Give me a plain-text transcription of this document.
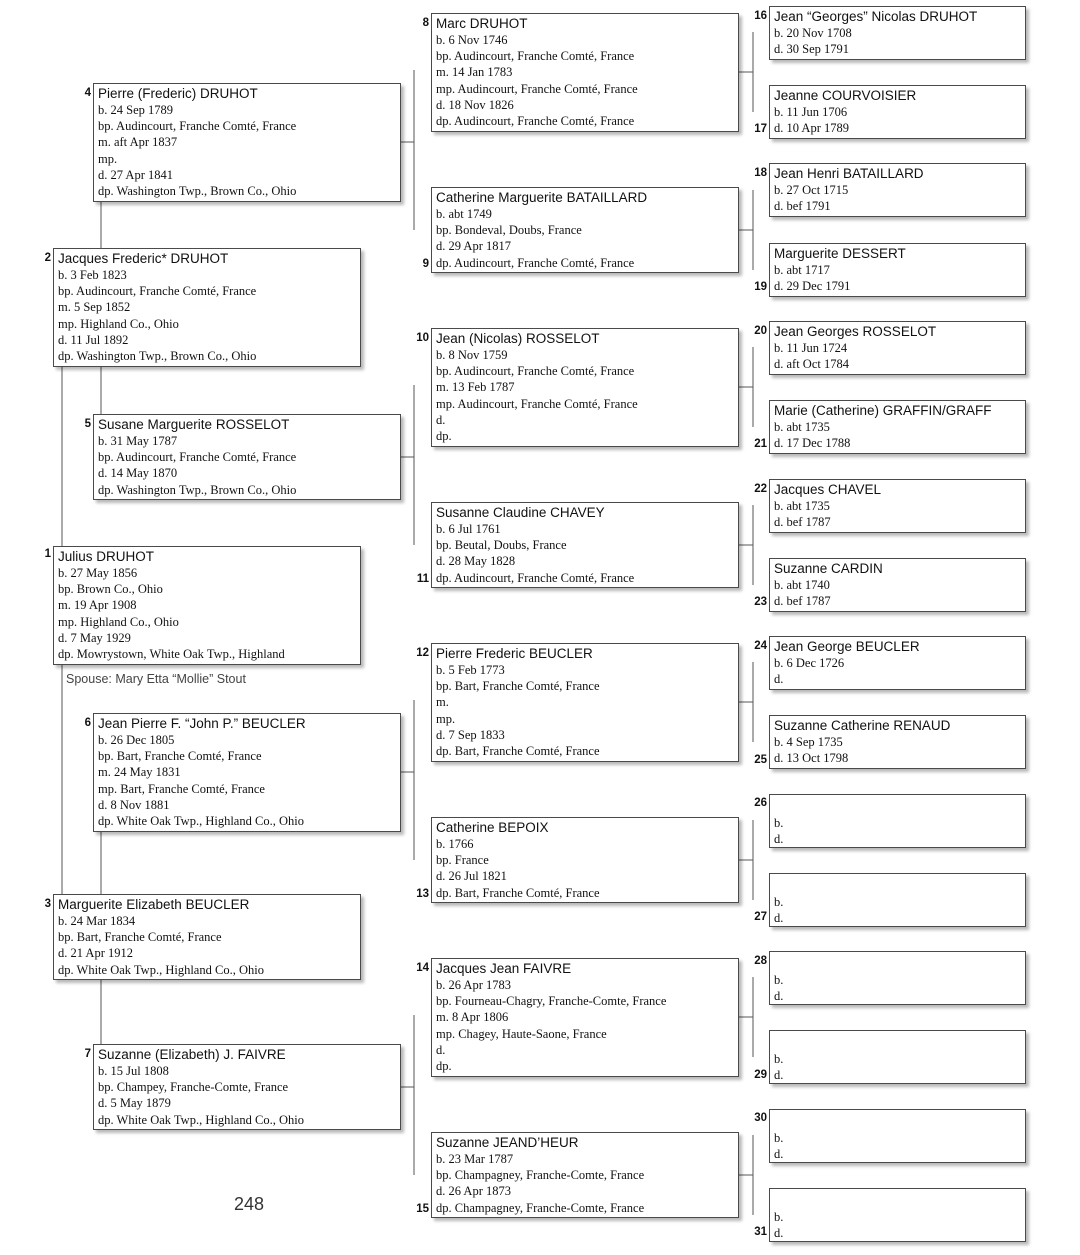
1 Julius DRUHOT
b. 27 May 1856
bp. Brown Co., Ohio
m. 19 Apr 1908
mp. Highland Co., Ohio
d. 7 May 1929
dp. Mowrystown, White Oak Twp., Highland
Spouse: Mary Etta “Mollie” Stout
2 Jacques Frederic* DRUHOT
b. 3 Feb 1823
bp. Audincourt, Franche Comté, France
m. 5 Sep 1852
mp. Highland Co., Ohio
d. 11 Jul 1892
dp. Washington Twp., Brown Co., Ohio
3 Marguerite Elizabeth BEUCLER
b. 24 Mar 1834
bp. Bart, Franche Comté, France
d. 21 Apr 1912
dp. White Oak Twp., Highland Co., Ohio
4 Pierre (Frederic) DRUHOT
b. 24 Sep 1789
bp. Audincourt, Franche Comté, France
m. aft Apr 1837
mp.
d. 27 Apr 1841
dp. Washington Twp., Brown Co., Ohio
5 Susane Marguerite ROSSELOT
b. 31 May 1787
bp. Audincourt, Franche Comté, France
d. 14 May 1870
dp. Washington Twp., Brown Co., Ohio
6 Jean Pierre F. “John P.” BEUCLER
b. 26 Dec 1805
bp. Bart, Franche Comté, France
m. 24 May 1831
mp. Bart, Franche Comté, France
d. 8 Nov 1881
dp. White Oak Twp., Highland Co., Ohio
7 Suzanne (Elizabeth) J. FAIVRE
b. 15 Jul 1808
bp. Champey, Franche-Comte, France
d. 5 May 1879
dp. White Oak Twp., Highland Co., Ohio
8 Marc DRUHOT
b. 6 Nov 1746
bp. Audincourt, Franche Comté, France
m. 14 Jan 1783
mp. Audincourt, Franche Comté, France
d. 18 Nov 1826
dp. Audincourt, Franche Comté, France
9
Catherine Marguerite BATAILLARD
b. abt 1749
bp. Bondeval, Doubs, France
d. 29 Apr 1817
dp. Audincourt, Franche Comté, France
10 Jean (Nicolas) ROSSELOT
b. 8 Nov 1759
bp. Audincourt, Franche Comté, France
m. 13 Feb 1787
mp. Audincourt, Franche Comté, France
d.
dp.
11
Susanne Claudine CHAVEY
b. 6 Jul 1761
bp. Beutal, Doubs, France
d. 28 May 1828
dp. Audincourt, Franche Comté, France
12 Pierre Frederic BEUCLER
b. 5 Feb 1773
bp. Bart, Franche Comté, France
m.
mp.
d. 7 Sep 1833
dp. Bart, Franche Comté, France
13
Catherine BEPOIX
b. 1766
bp. France
d. 26 Jul 1821
dp. Bart, Franche Comté, France
14 Jacques Jean FAIVRE
b. 26 Apr 1783
bp. Fourneau-Chagry, Franche-Comte, France
m. 8 Apr 1806
mp. Chagey, Haute-Saone, France
d.
dp.
15
Suzanne JEAND’HEUR
b. 23 Mar 1787
bp. Champagney, Franche-Comte, France
d. 26 Apr 1873
dp. Champagney, Franche-Comte, France
16 Jean “Georges” Nicolas DRUHOT
b. 20 Nov 1708
d. 30 Sep 1791
17
Jeanne COURVOISIER
b. 11 Jun 1706
d. 10 Apr 1789
18 Jean Henri BATAILLARD
b. 27 Oct 1715
d. bef 1791
19
Marguerite DESSERT
b. abt 1717
d. 29 Dec 1791
20 Jean Georges ROSSELOT
b. 11 Jun 1724
d. aft Oct 1784
21
Marie (Catherine) GRAFFIN/GRAFF
b. abt 1735
d. 17 Dec 1788
22 Jacques CHAVEL
b. abt 1735
d. bef 1787
23
Suzanne CARDIN
b. abt 1740
d. bef 1787
24 Jean George BEUCLER
b. 6 Dec 1726
d.
25
Suzanne Catherine RENAUD
b. 4 Sep 1735
d. 13 Oct 1798
26
b.
d.
27
b.
d.
28
b.
d.
29
b.
d.
30
b.
d.
31
b.
d.
248
